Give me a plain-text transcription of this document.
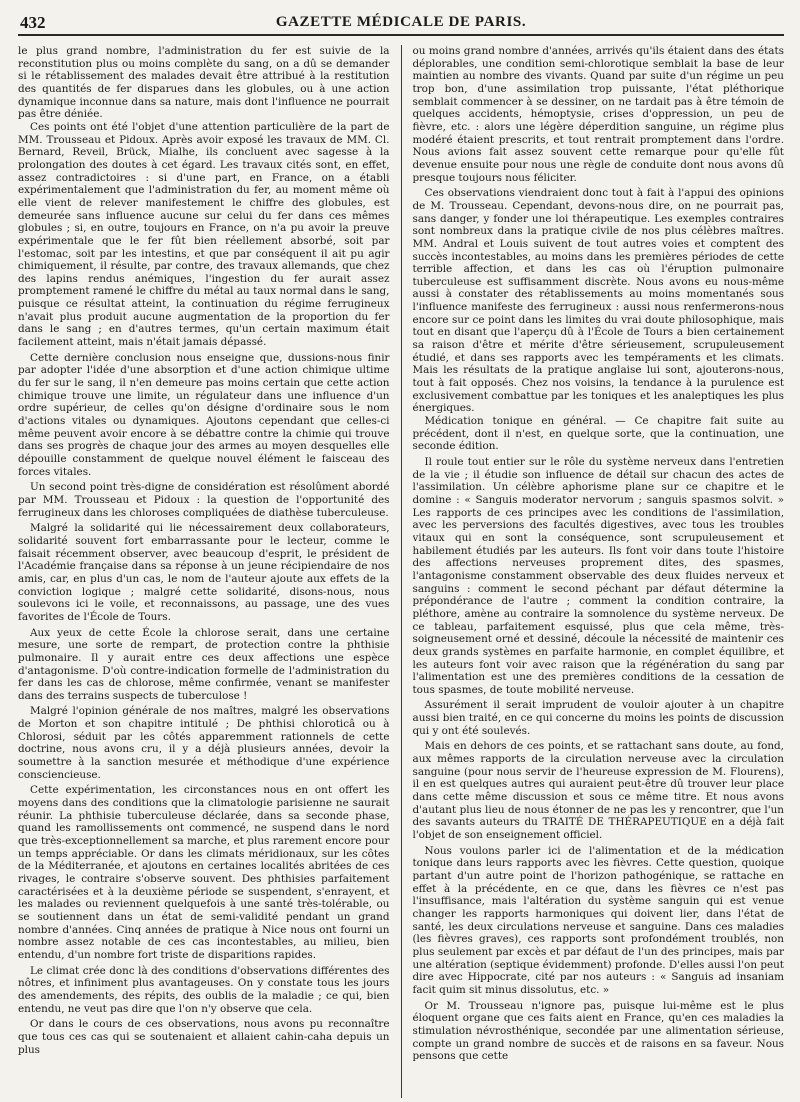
432	GAZETTE MÉDICALE DE PARIS.

le plus grand nombre, l'administration du fer est suivie de la reconstitution plus ou moins complète du sang, on a dû se demander si le rétablissement des malades devait être attribué à la restitution des quantités de fer disparues dans les globules, ou à une action dynamique inconnue dans sa nature, mais dont l'influence ne pourrait pas être déniée.

Ces points ont été l'objet d'une attention particulière de la part de MM. Trousseau et Pidoux. Après avoir exposé les travaux de MM. Cl. Bernard, Reveil, Brück, Mialhe, ils concluent avec sagesse à la prolongation des doutes à cet égard. Les travaux cités sont, en effet, assez contradictoires : si d'une part, en France, on a établi expérimentalement que l'administration du fer, au moment même où elle vient de relever manifestement le chiffre des globules, est demeurée sans influence aucune sur celui du fer dans ces mêmes globules ; si, en outre, toujours en France, on n'a pu avoir la preuve expérimentale que le fer fût bien réellement absorbé, soit par l'estomac, soit par les intestins, et que par conséquent il ait pu agir chimiquement, il résulte, par contre, des travaux allemands, que chez des lapins rendus anémiques, l'ingestion du fer aurait assez promptement ramené le chiffre du métal au taux normal dans le sang, puisque ce résultat atteint, la continuation du régime ferrugineux n'avait plus produit aucune augmentation de la proportion du fer dans le sang ; en d'autres termes, qu'un certain maximum était facilement atteint, mais n'était jamais dépassé.

Cette dernière conclusion nous enseigne que, dussions-nous finir par adopter l'idée d'une absorption et d'une action chimique ultime du fer sur le sang, il n'en demeure pas moins certain que cette action chimique trouve une limite, un régulateur dans une influence d'un ordre supérieur, de celles qu'on désigne d'ordinaire sous le nom d'actions vitales ou dynamiques. Ajoutons cependant que celles-ci même peuvent avoir encore à se débattre contre la chimie qui trouve dans ses progrès de chaque jour des armes au moyen desquelles elle dépouille constamment de quelque nouvel élément le faisceau des forces vitales.

Un second point très-digne de considération est résolûment abordé par MM. Trousseau et Pidoux : la question de l'opportunité des ferrugineux dans les chloroses compliquées de diathèse tuberculeuse.

Malgré la solidarité qui lie nécessairement deux collaborateurs, solidarité souvent fort embarrassante pour le lecteur, comme le faisait récemment observer, avec beaucoup d'esprit, le président de l'Académie française dans sa réponse à un jeune récipiendaire de nos amis, car, en plus d'un cas, le nom de l'auteur ajoute aux effets de la conviction logique ; malgré cette solidarité, disons-nous, nous soulevons ici le voile, et reconnaissons, au passage, une des vues favorites de l'École de Tours.

Aux yeux de cette École la chlorose serait, dans une certaine mesure, une sorte de rempart, de protection contre la phthisie pulmonaire. Il y aurait entre ces deux affections une espèce d'antagonisme. D'où contre-indication formelle de l'administration du fer dans les cas de chlorose, même confirmée, venant se manifester dans des terrains suspects de tuberculose !

Malgré l'opinion générale de nos maîtres, malgré les observations de Morton et son chapitre intitulé ; De phthisi chloroticâ ou à Chlorosi, séduit par les côtés apparemment rationnels de cette doctrine, nous avons cru, il y a déjà plusieurs années, devoir la soumettre à la sanction mesurée et méthodique d'une expérience consciencieuse.

Cette expérimentation, les circonstances nous en ont offert les moyens dans des conditions que la climatologie parisienne ne saurait réunir. La phthisie tuberculeuse déclarée, dans sa seconde phase, quand les ramollissements ont commencé, ne suspend dans le nord que très-exceptionnellement sa marche, et plus rarement encore pour un temps appréciable. Or dans les climats méridionaux, sur les côtes de la Méditerranée, et ajoutons en certaines localités abritées de ces rivages, le contraire s'observe souvent. Des phthisies parfaitement caractérisées et à la deuxième période se suspendent, s'enrayent, et les malades ou reviennent quelquefois à une santé très-tolérable, ou se soutiennent dans un état de semi-validité pendant un grand nombre d'années. Cinq années de pratique à Nice nous ont fourni un nombre assez notable de ces cas incontestables, au milieu, bien entendu, d'un nombre fort triste de disparitions rapides.

Le climat crée donc là des conditions d'observations différentes des nôtres, et infiniment plus avantageuses. On y constate tous les jours des amendements, des répits, des oublis de la maladie ; ce qui, bien entendu, ne veut pas dire que l'on n'y observe que cela.

Or dans le cours de ces observations, nous avons pu reconnaître que tous ces cas qui se soutenaient et allaient cahin-caha depuis un plus

ou moins grand nombre d'années, arrivés qu'ils étaient dans des états déplorables, une condition semi-chlorotique semblait la base de leur maintien au nombre des vivants. Quand par suite d'un régime un peu trop bon, d'une assimilation trop puissante, l'état pléthorique semblait commencer à se dessiner, on ne tardait pas à être témoin de quelques accidents, hémoptysie, crises d'oppression, un peu de fièvre, etc. : alors une légère déperdition sanguine, un régime plus modéré étaient prescrits, et tout rentrait promptement dans l'ordre. Nous avions fait assez souvent cette remarque pour qu'elle fût devenue ensuite pour nous une règle de conduite dont nous avons dû presque toujours nous féliciter.

Ces observations viendraient donc tout à fait à l'appui des opinions de M. Trousseau. Cependant, devons-nous dire, on ne pourrait pas, sans danger, y fonder une loi thérapeutique. Les exemples contraires sont nombreux dans la pratique civile de nos plus célèbres maîtres. MM. Andral et Louis suivent de tout autres voies et comptent des succès incontestables, au moins dans les premières périodes de cette terrible affection, et dans les cas où l'éruption pulmonaire tuberculeuse est suffisamment discrète. Nous avons eu nous-même aussi à constater des rétablissements au moins momentanés sous l'influence manifeste des ferrugineux : aussi nous renfermerons-nous encore sur ce point dans les limites du vrai doute philosophique, mais tout en disant que l'aperçu dû à l'École de Tours a bien certainement sa raison d'être et mérite d'être sérieusement, scrupuleusement étudié, et dans ses rapports avec les tempéraments et les climats. Mais les résultats de la pratique anglaise lui sont, ajouterons-nous, tout à fait opposés. Chez nos voisins, la tendance à la purulence est exclusivement combattue par les toniques et les analeptiques les plus énergiques.

Médication tonique en général. — Ce chapitre fait suite au précédent, dont il n'est, en quelque sorte, que la continuation, une seconde édition.

Il roule tout entier sur le rôle du système nerveux dans l'entretien de la vie ; il étudie son influence de détail sur chacun des actes de l'assimilation. Un célèbre aphorisme plane sur ce chapitre et le domine : « Sanguis moderator nervorum ; sanguis spasmos solvit. » Les rapports de ces principes avec les conditions de l'assimilation, avec les perversions des facultés digestives, avec tous les troubles vitaux qui en sont la conséquence, sont scrupuleusement et habilement étudiés par les auteurs. Ils font voir dans toute l'histoire des affections nerveuses proprement dites, des spasmes, l'antagonisme constamment observable des deux fluides nerveux et sanguins : comment le second péchant par défaut détermine la prépondérance de l'autre ; comment la condition contraire, la pléthore, amène au contraire la somnolence du système nerveux. De ce tableau, parfaitement esquissé, plus que cela même, très-soigneusement orné et dessiné, découle la nécessité de maintenir ces deux grands systèmes en parfaite harmonie, en complet équilibre, et les auteurs font voir avec raison que la régénération du sang par l'alimentation est une des premières conditions de la cessation de tous spasmes, de toute mobilité nerveuse.

Assurément il serait imprudent de vouloir ajouter à un chapitre aussi bien traité, en ce qui concerne du moins les points de discussion qui y ont été soulevés.

Mais en dehors de ces points, et se rattachant sans doute, au fond, aux mêmes rapports de la circulation nerveuse avec la circulation sanguine (pour nous servir de l'heureuse expression de M. Flourens), il en est quelques autres qui auraient peut-être dû trouver leur place dans cette même discussion et sous ce même titre. Et nous avons d'autant plus lieu de nous étonner de ne pas les y rencontrer, que l'un des savants auteurs du TRAITÉ DE THÉRAPEUTIQUE en a déjà fait l'objet de son enseignement officiel.

Nous voulons parler ici de l'alimentation et de la médication tonique dans leurs rapports avec les fièvres. Cette question, quoique partant d'un autre point de l'horizon pathogénique, se rattache en effet à la précédente, en ce que, dans les fièvres ce n'est pas l'insuffisance, mais l'altération du système sanguin qui est venue changer les rapports harmoniques qui doivent lier, dans l'état de santé, les deux circulations nerveuse et sanguine. Dans ces maladies (les fièvres graves), ces rapports sont profondément troublés, non plus seulement par excès et par défaut de l'un des principes, mais par une altération (septique évidemment) profonde. D'elles aussi l'on peut dire avec Hippocrate, cité par nos auteurs : « Sanguis ad insaniam facit quim sit minus dissolutus, etc. »

Or M. Trousseau n'ignore pas, puisque lui-même est le plus éloquent organe que ces faits aient en France, qu'en ces maladies la stimulation névrosthénique, secondée par une alimentation sérieuse, compte un grand nombre de succès et de raisons en sa faveur. Nous pensons que cette
